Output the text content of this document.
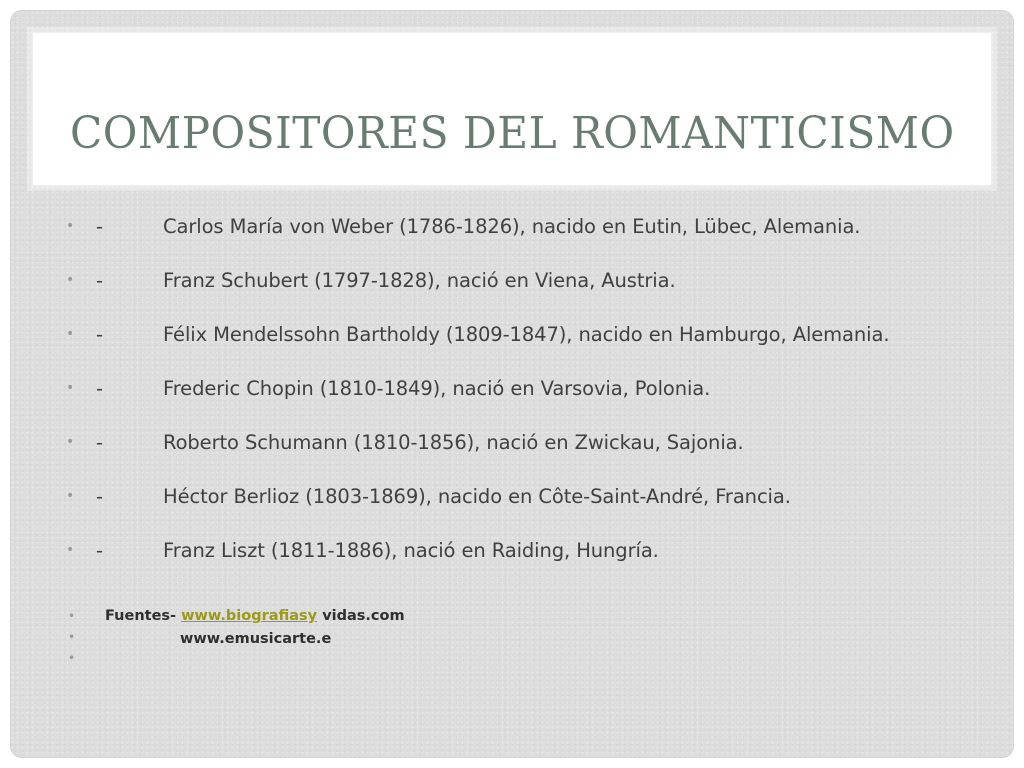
COMPOSITORES DEL ROMANTICISMO
• -	Carlos María von Weber (1786-1826), nacido en Eutin, Lübec, Alemania.
• -	Franz Schubert (1797-1828), nació en Viena, Austria.
• -	Félix Mendelssohn Bartholdy (1809-1847), nacido en Hamburgo, Alemania.
• -	Frederic Chopin (1810-1849), nació en Varsovia, Polonia.
• -	Roberto Schumann (1810-1856), nació en Zwickau, Sajonia.
• -	Héctor Berlioz (1803-1869), nacido en Côte-Saint-André, Francia.
• -	Franz Liszt (1811-1886), nació en Raiding, Hungría.
• Fuentes- www.biografiasy vidas.com
•	www.emusicarte.e
•
